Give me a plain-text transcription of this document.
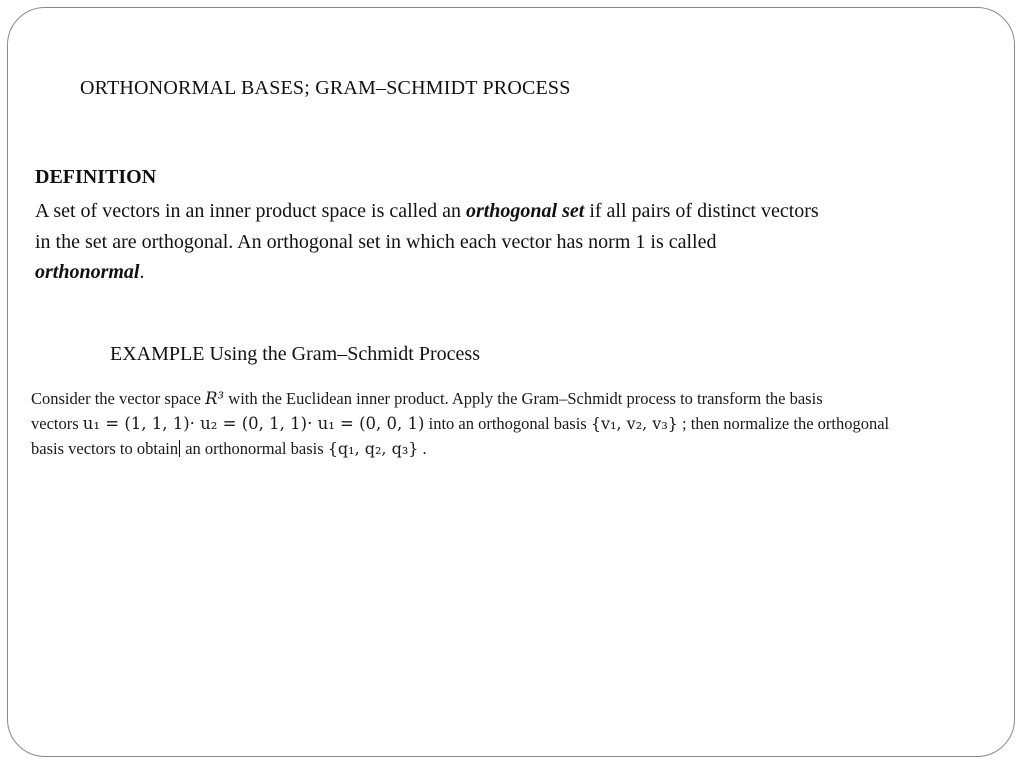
ORTHONORMAL BASES; GRAM–SCHMIDT PROCESS
DEFINITION
A set of vectors in an inner product space is called an orthogonal set if all pairs of distinct vectors
in the set are orthogonal. An orthogonal set in which each vector has norm 1 is called
orthonormal.
EXAMPLE Using the Gram–Schmidt Process
Consider the vector space R³ with the Euclidean inner product. Apply the Gram–Schmidt process to transform the basis
vectors u₁ = (1, 1, 1)· u₂ = (0, 1, 1)· u₁ = (0, 0, 1) into an orthogonal basis {v₁, v₂, v₃} ; then normalize the orthogonal
basis vectors to obtain an orthonormal basis {q₁, q₂, q₃} .
